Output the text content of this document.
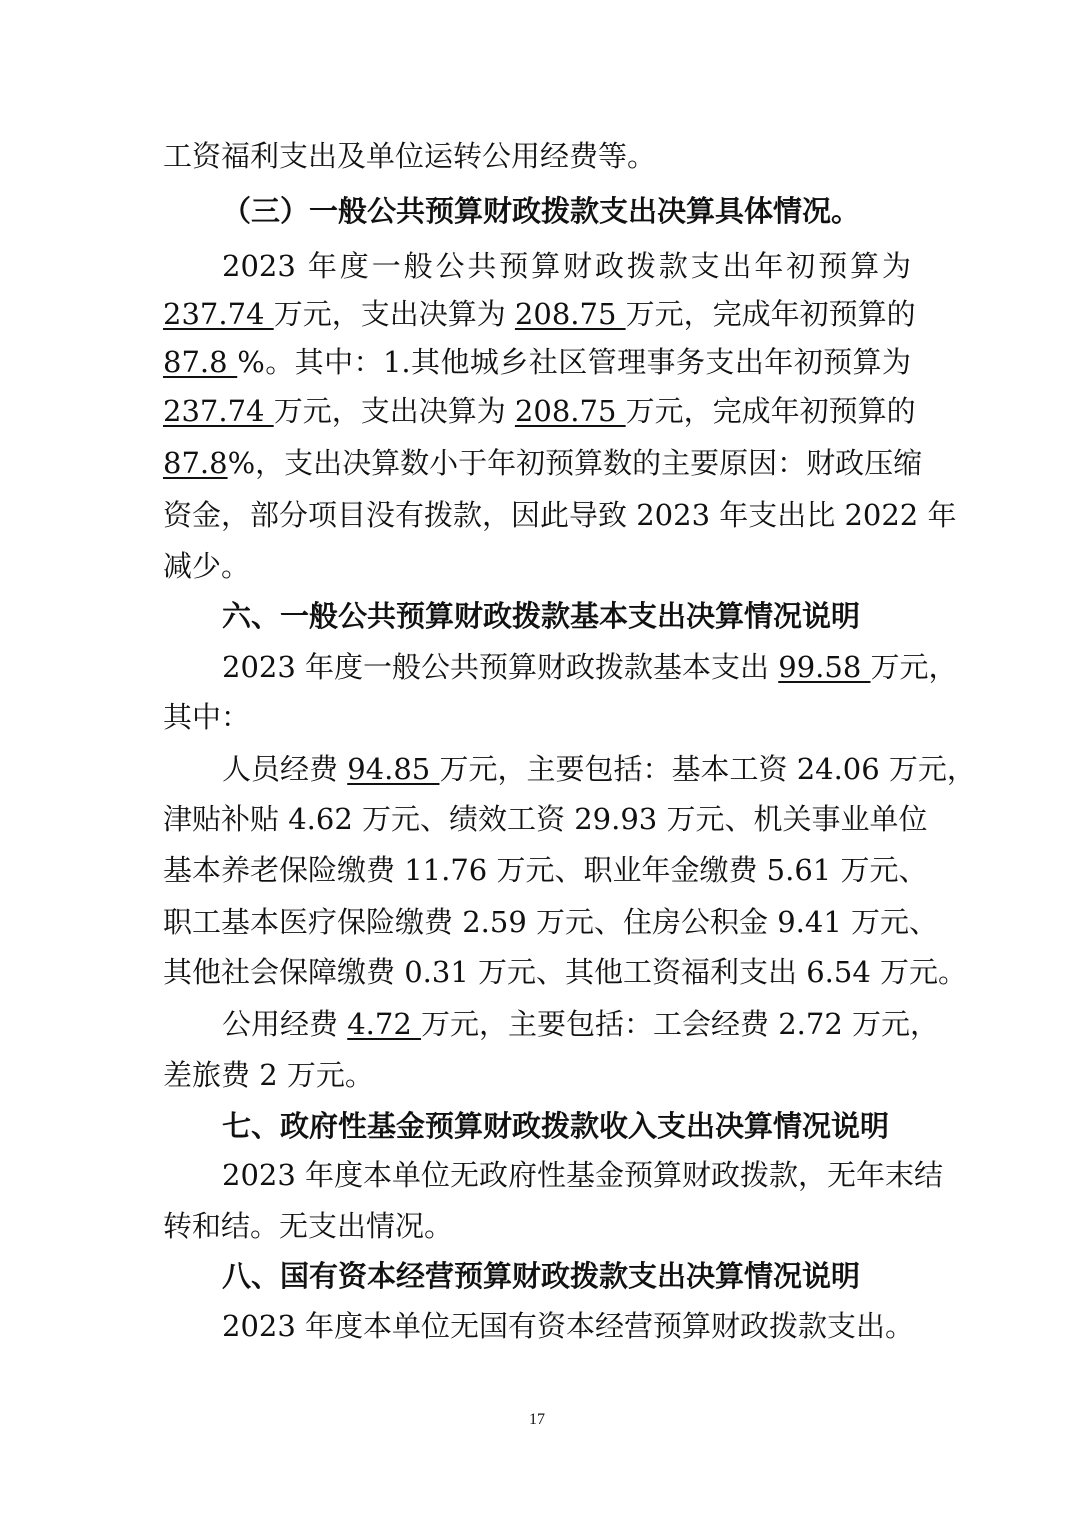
工资福利支出及单位运转公用经费等。
（三）一般公共预算财政拨款支出决算具体情况。
2023 年度一般公共预算财政拨款支出年初预算为
237.74 万元，支出决算为 208.75 万元，完成年初预算的
87.8 %。其中：1.其他城乡社区管理事务支出年初预算为
237.74 万元，支出决算为 208.75 万元，完成年初预算的
87.8%，支出决算数小于年初预算数的主要原因：财政压缩
资金，部分项目没有拨款，因此导致 2023 年支出比 2022 年
减少。
六、一般公共预算财政拨款基本支出决算情况说明
2023 年度一般公共预算财政拨款基本支出 99.58 万元，
其中：
人员经费 94.85 万元，主要包括：基本工资 24.06 万元，
津贴补贴 4.62 万元、绩效工资 29.93 万元、机关事业单位
基本养老保险缴费 11.76 万元、职业年金缴费 5.61 万元、
职工基本医疗保险缴费 2.59 万元、住房公积金 9.41 万元、
其他社会保障缴费 0.31 万元、其他工资福利支出 6.54 万元。
公用经费 4.72 万元，主要包括：工会经费 2.72 万元，
差旅费 2 万元。
七、政府性基金预算财政拨款收入支出决算情况说明
2023 年度本单位无政府性基金预算财政拨款，无年末结
转和结。无支出情况。
八、国有资本经营预算财政拨款支出决算情况说明
2023 年度本单位无国有资本经营预算财政拨款支出。
17
